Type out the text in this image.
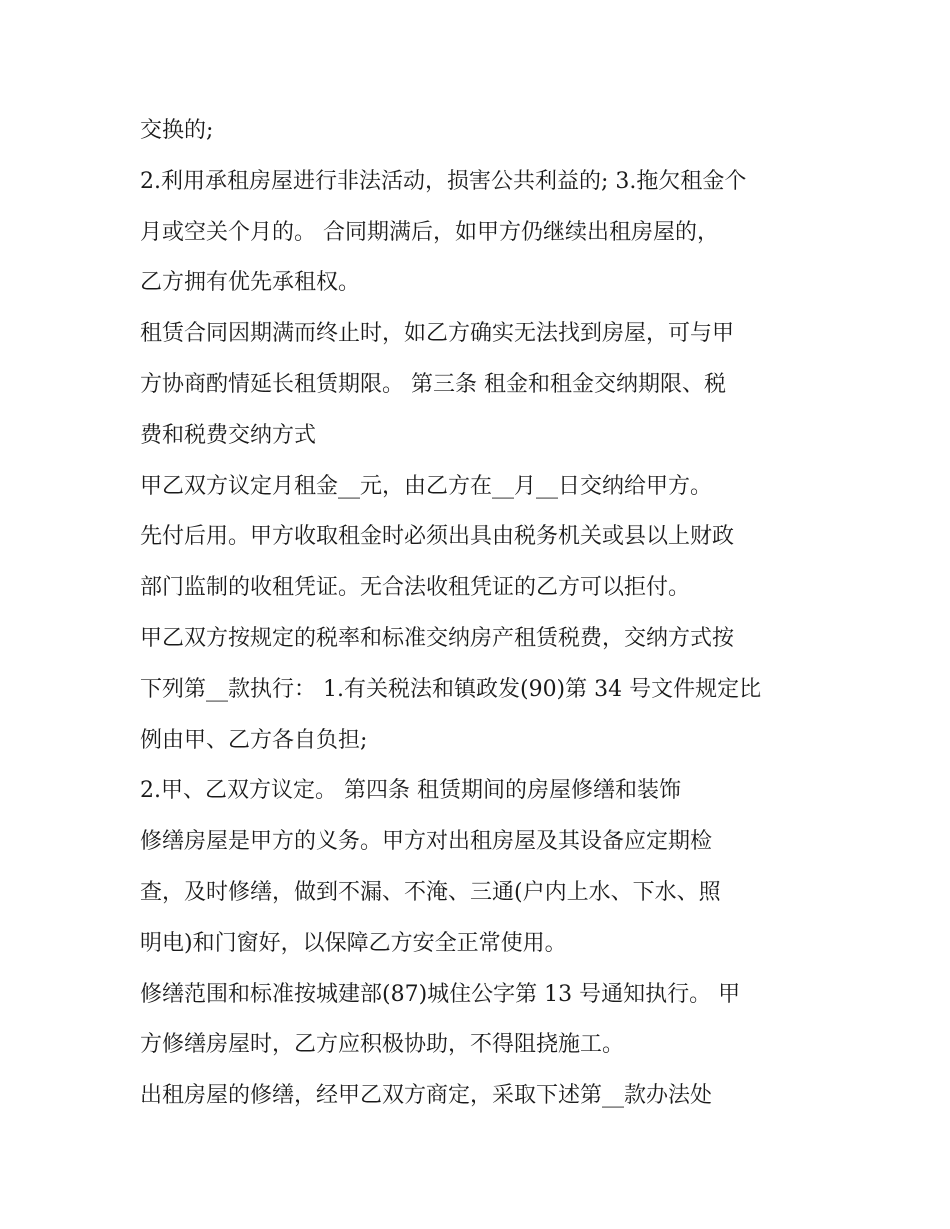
交换的;
2.利用承租房屋进行非法活动，损害公共利益的; 3.拖欠租金个
月或空关个月的。 合同期满后，如甲方仍继续出租房屋的，
乙方拥有优先承租权。
租赁合同因期满而终止时，如乙方确实无法找到房屋，可与甲
方协商酌情延长租赁期限。 第三条 租金和租金交纳期限、税
费和税费交纳方式
甲乙双方议定月租金__元，由乙方在__月__日交纳给甲方。
先付后用。甲方收取租金时必须出具由税务机关或县以上财政
部门监制的收租凭证。无合法收租凭证的乙方可以拒付。
甲乙双方按规定的税率和标准交纳房产租赁税费，交纳方式按
下列第__款执行： 1.有关税法和镇政发(90)第 34 号文件规定比
例由甲、乙方各自负担;
2.甲、乙双方议定。 第四条 租赁期间的房屋修缮和装饰
修缮房屋是甲方的义务。甲方对出租房屋及其设备应定期检
查，及时修缮，做到不漏、不淹、三通(户内上水、下水、照
明电)和门窗好，以保障乙方安全正常使用。
修缮范围和标准按城建部(87)城住公字第 13 号通知执行。 甲
方修缮房屋时，乙方应积极协助，不得阻挠施工。
出租房屋的修缮，经甲乙双方商定，采取下述第__款办法处
